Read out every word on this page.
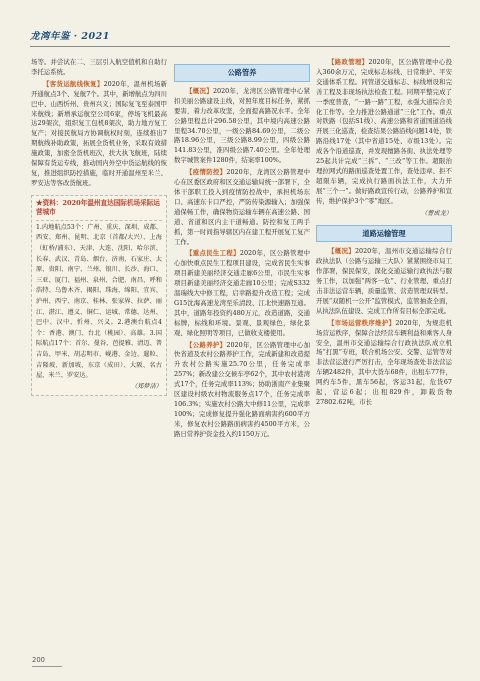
龙湾年鉴 · 2021

场等。并尝试在二、三层引入航空值机和自助行李托运系统。

【客货运航线恢复】2020年，温州机场新开通航点3个、复航7个。其中，新增航点为四川巴中、山西忻州、贵州兴义；国际复飞至泰国甲米航线；新增承运航空公司6家，停场飞机最高达29架次，组织复工包机8架次，助力地方复工复产；对接民航局方协调航权时刻，连续推出7期航线补助政策，拓展全货机业务，采取有效措施政策，加密全货机班次，扶大执飞航班，陆续保障有货运专线，推动国内外空中货运航线的恢复，推进组织防控措施，临时开通温州至米兰、罗安达等客改货航班。

★资料：2020年温州直达国际机场采际运营城市
1.内地航点53个：广州、重庆、深圳、成都、西安、郑州、昆明、北京（首都/大兴）、上海（虹桥/浦东）、天津、大连、沈阳、哈尔滨、长春、武汉、青岛、烟台、济南、石家庄、太原、贵阳、南宁、兰州、银川、长沙、海口、三亚、厦门、福州、泉州、合肥、南昌、呼和浩特、乌鲁木齐、揭阳、珠海、绵阳、宜宾、泸州、西宁、南京、桂林、张家界、拉萨、丽江、湛江、遵义、铜仁、运城、常德、达州、巴中、汉中、忻州、兴义。2.港澳台航点4个：香港、澳门、台北（桃园）、高雄。3.国际航点17个：首尔、曼谷、芭提雅、清迈、普吉岛、甲米、胡志明市、岘港、金边、暹粒、吉隆坡、新加坡、东京（成田）、大阪、名古屋、米兰、罗安达。
（郑梦洁）
公路管养

【概况】2020年，龙湾区公路管理中心紧扣美丽公路建设主线，对照年度目标任务，紧抓要害，着力改革攻坚，全面提高路况水平。全年公路里程总计296.58公里，其中境内高速公路里程34.70公里，一级公路84.69公里，二级公路18.96公里，三级公路8.99公里，四级公路141.83公里，准四级公路7.40公里。全年处理数字城管案件1280件，结案率100%。

【疫情防控】2020年，龙湾区公路管理中心在区委区政府和区交通运输局统一部署下，全体干部职工投入到疫情防控战中，承担机场东口、高速东卡口严控，严防传染源输入；加强保通保畅工作，确保物资运输车辆在高速公路、国道、省道和区内主干道畅通。防控和复工两手抓，第一时间指导辖区内在建工程开展复工复产工作。

【重点民生工程】2020年，区公路管理中心加快重点民生工程项目建设，完成省民生实事项目新建美丽经济交通走廊6公里，市民生实事项目新建美丽经济交通走廊10公里；完成S332温瑞线大中修工程，启幸路提升改造工程；完成G15沈海高速龙湾至乐清段、江北快速路互通。其中，道路年投资约480万元，改造道路，交通标牌，标线和环境。景观、景观绿色，绿化景观、绿化照明等项目，已做收支楼使用。

【公路养护】2020年，区公路管理中心加快省道及农村公路养护工作，完成新建和改造提升农村公路实施25.70公里，任务完成率257%；新改建公交候车亭62个，其中农村港湾式17个，任务完成率113%；协助浙南产业集聚区建设村级农村物流服务点17个，任务完成率106.3%；实施农村公路大中修11公里，完成率100%；完成修复提升强化路面病害约600平方米，修复农村公路路面病害约4500平方米，公路日常养护资金投入约1150万元。

【路政管理】2020年，区公路管理中心投入360余万元，完成标志标线、日常维护、平安交通体系工程。同管道交通标志、标线增设和完善工程及非现场执法检查工程。同期平整完成了一季度普查，“一路一路”工程，永强大道综合美化工作等。全力推进公路通道“三化”工作。重点对铁路（包括S1线）、高速公路和省道国道沿线开展三化巡查，检查结果公路沿线问题14处，铁路沿线17处（其中省道15处、市级13处）。完成各个沿道巡查，并发现擅路各街、执法处理等25起共计完成“三拆”、“三改”等工作。超限治理拉网式的路面巡查处置工作，查处违章、拒不超限车辆，完成执行路面执法工作，大力开展“三个一”。做好路政宣传行动，公路养护和宣传，维护保护3个“零”地区。

（曹成龙）
道路运输管理

【概况】2020年，温州市交通运输综合行政执法队（公路与运输三大队）紧紧围绕市局工作部署，保民保安，深化交通运输行政执法与服务工作，以加强“两客一危”、行业管理、重点打击非法运营车辆，质量监管、营造管理双转型。开展“双随机一公开”监管模式，监管抽查全面，从执法队伍建设、完成工作所有目标全部完成。

【市场运营秩序维护】2020年，为规范机场营运秩序，保障合法经营车辆利益和乘客人身安全，温州市交通运输综合行政执法队成立机场“打黑”专班，联合机场公安、交警、运管等对非法营运进行严厉打击，全年现场查处非法营运车辆2482件，其中大货车68件，出租车77件，网约车5件，黑车56起，客运31起，危货67起，营运6起；出租829件，卸载货物27802.62吨，市长

200
